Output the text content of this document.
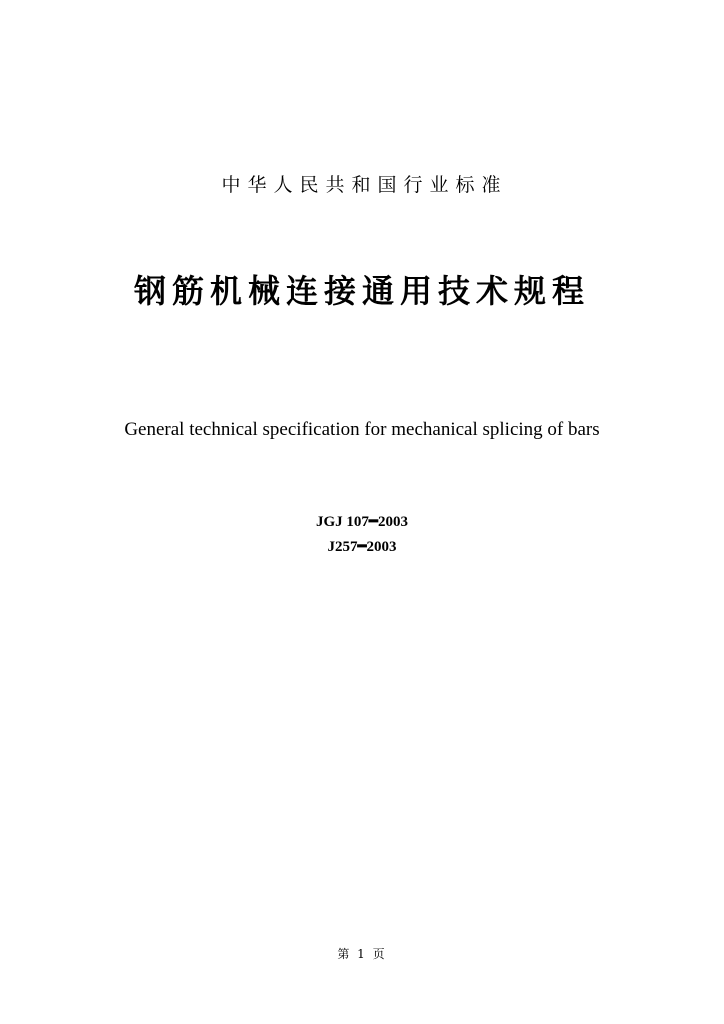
中华人民共和国行业标准
钢筋机械连接通用技术规程
General technical specification for mechanical splicing of bars
JGJ 107━2003
J257━2003
第 1 页
